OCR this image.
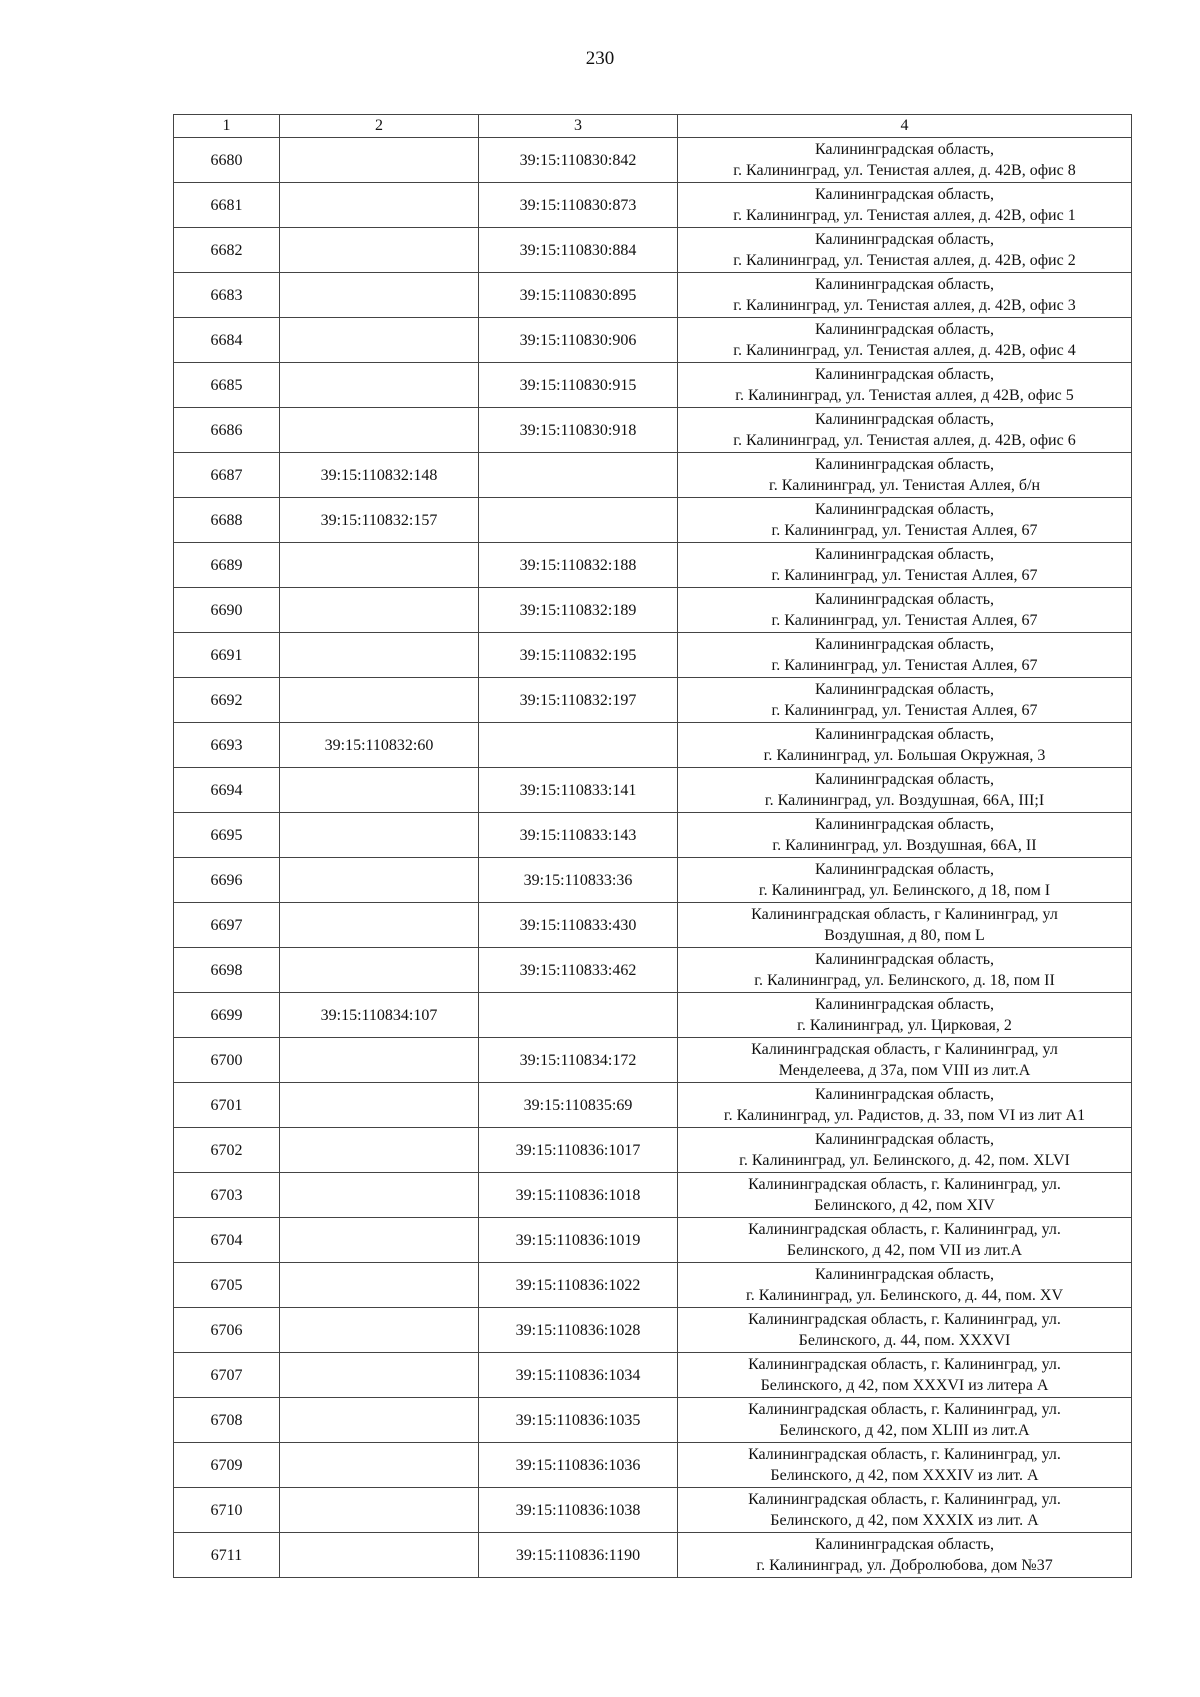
230
1	2	3	4
6680		39:15:110830:842	Калининградская область,
г. Калининград, ул. Тенистая аллея, д. 42В, офис 8

6681		39:15:110830:873	Калининградская область,
г. Калининград, ул. Тенистая аллея, д. 42В, офис 1

6682		39:15:110830:884	Калининградская область,
г. Калининград, ул. Тенистая аллея, д. 42В, офис 2

6683		39:15:110830:895	Калининградская область,
г. Калининград, ул. Тенистая аллея, д. 42В, офис 3

6684		39:15:110830:906	Калининградская область,
г. Калининград, ул. Тенистая аллея, д. 42В, офис 4

6685		39:15:110830:915	Калининградская область,
г. Калининград, ул. Тенистая аллея, д 42В, офис 5

6686		39:15:110830:918	Калининградская область,
г. Калининград, ул. Тенистая аллея, д. 42В, офис 6

6687	39:15:110832:148		Калининградская область,
г. Калининград, ул. Тенистая Аллея, б/н

6688	39:15:110832:157		Калининградская область,
г. Калининград, ул. Тенистая Аллея, 67

6689		39:15:110832:188	Калининградская область,
г. Калининград, ул. Тенистая Аллея, 67

6690		39:15:110832:189	Калининградская область,
г. Калининград, ул. Тенистая Аллея, 67

6691		39:15:110832:195	Калининградская область,
г. Калининград, ул. Тенистая Аллея, 67

6692		39:15:110832:197	Калининградская область,
г. Калининград, ул. Тенистая Аллея, 67

6693	39:15:110832:60		Калининградская область,
г. Калининград, ул. Большая Окружная, 3

6694		39:15:110833:141	Калининградская область,
г. Калининград, ул. Воздушная, 66А, III;I

6695		39:15:110833:143	Калининградская область,
г. Калининград, ул. Воздушная, 66А, II

6696		39:15:110833:36	Калининградская область,
г. Калининград, ул. Белинского, д 18, пом I

6697		39:15:110833:430	Калининградская область, г Калининград, ул
Воздушная, д 80, пом L

6698		39:15:110833:462	Калининградская область,
г. Калининград, ул. Белинского, д. 18, пом II

6699	39:15:110834:107		Калининградская область,
г. Калининград, ул. Цирковая, 2

6700		39:15:110834:172	Калининградская область, г Калининград, ул
Менделеева, д 37а, пом VIII из лит.А

6701		39:15:110835:69	Калининградская область,
г. Калининград, ул. Радистов, д. 33, пом VI из лит А1

6702		39:15:110836:1017	Калининградская область,
г. Калининград, ул. Белинского, д. 42, пом. XLVI

6703		39:15:110836:1018	Калининградская область, г. Калининград, ул.
Белинского, д 42, пом XIV

6704		39:15:110836:1019	Калининградская область, г. Калининград, ул.
Белинского, д 42, пом VII из лит.А

6705		39:15:110836:1022	Калининградская область,
г. Калининград, ул. Белинского, д. 44, пом. XV

6706		39:15:110836:1028	Калининградская область, г. Калининград, ул.
Белинского, д. 44, пом. XXXVI

6707		39:15:110836:1034	Калининградская область, г. Калининград, ул.
Белинского, д 42, пом XXXVI из литера А

6708		39:15:110836:1035	Калининградская область, г. Калининград, ул.
Белинского, д 42, пом XLIII из лит.А

6709		39:15:110836:1036	Калининградская область, г. Калининград, ул.
Белинского, д 42, пом XXXIV из лит. А

6710		39:15:110836:1038	Калининградская область, г. Калининград, ул.
Белинского, д 42, пом XXXIX из лит. А

6711		39:15:110836:1190	Калининградская область,
г. Калининград, ул. Добролюбова, дом №37
